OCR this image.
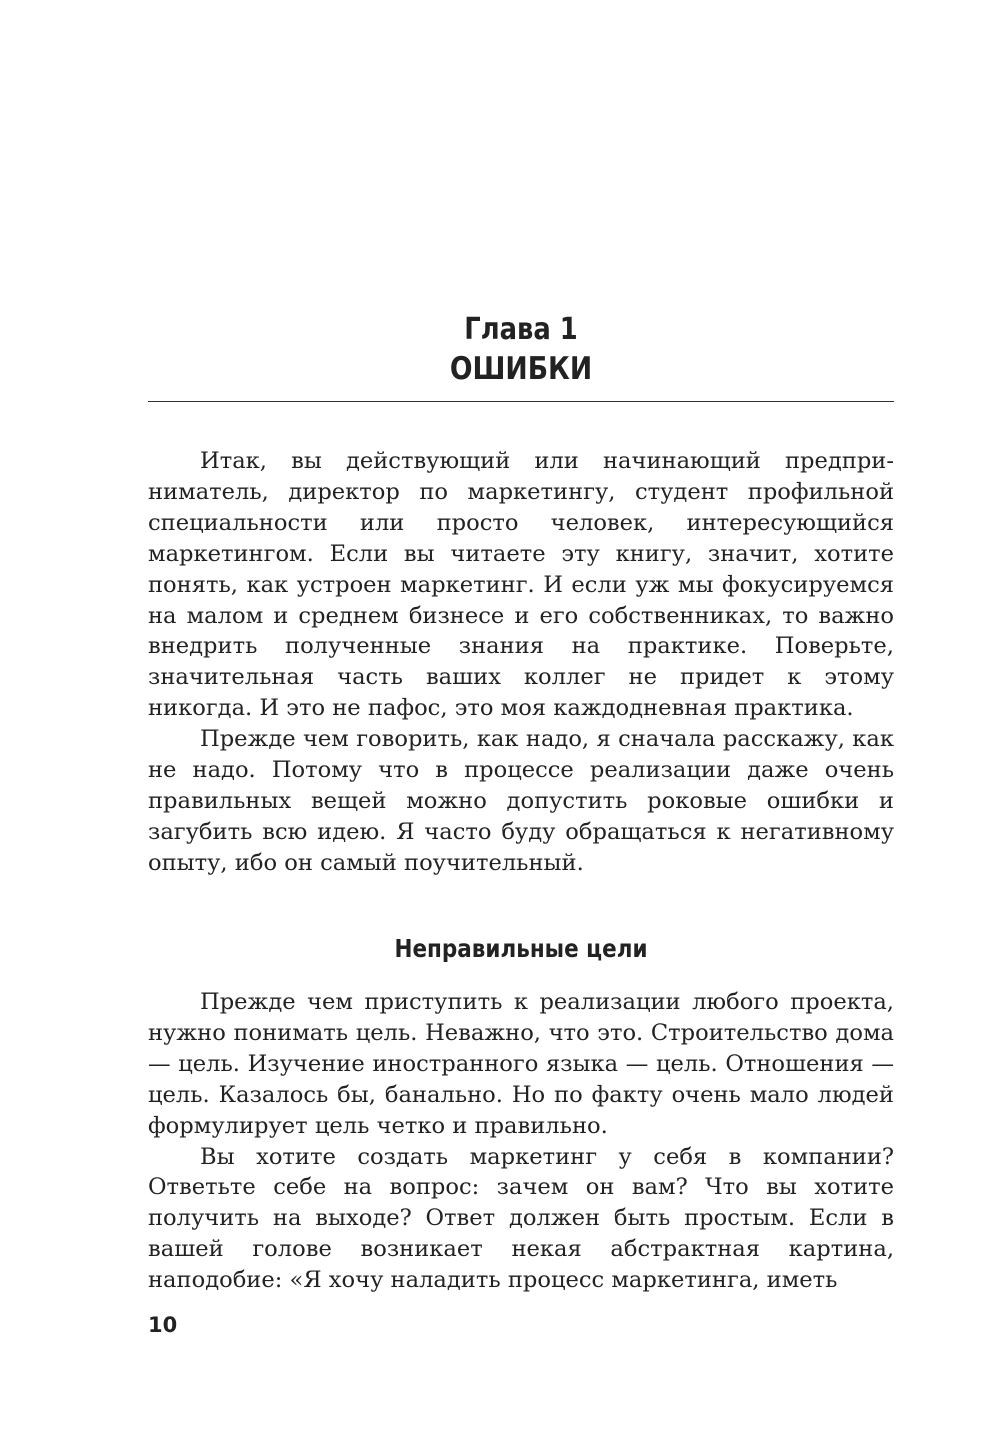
Глава 1
ОШИБКИ

Итак, вы действующий или начинающий предприниматель, директор по маркетингу, студент профильной специальности или просто человек, интересующийся маркетингом. Если вы читаете эту книгу, значит, хотите понять, как устроен маркетинг. И если уж мы фокусируемся на малом и среднем бизнесе и его собственниках, то важно внедрить полученные знания на практике. Поверьте, значительная часть ваших коллег не придет к этому никогда. И это не пафос, это моя каждодневная практика.

Прежде чем говорить, как надо, я сначала расскажу, как не надо. Потому что в процессе реализации даже очень правильных вещей можно допустить роковые ошибки и загубить всю идею. Я часто буду обращаться к негативному опыту, ибо он самый поучительный.

Неправильные цели

Прежде чем приступить к реализации любого проекта, нужно понимать цель. Неважно, что это. Строительство дома — цель. Изучение иностранного языка — цель. Отношения — цель. Казалось бы, банально. Но по факту очень мало людей формулирует цель четко и правильно.

Вы хотите создать маркетинг у себя в компании? Ответьте себе на вопрос: зачем он вам? Что вы хотите получить на выходе? Ответ должен быть простым. Если в вашей голове возникает некая абстрактная картина, наподобие: «Я хочу наладить процесс маркетинга, иметь

10
